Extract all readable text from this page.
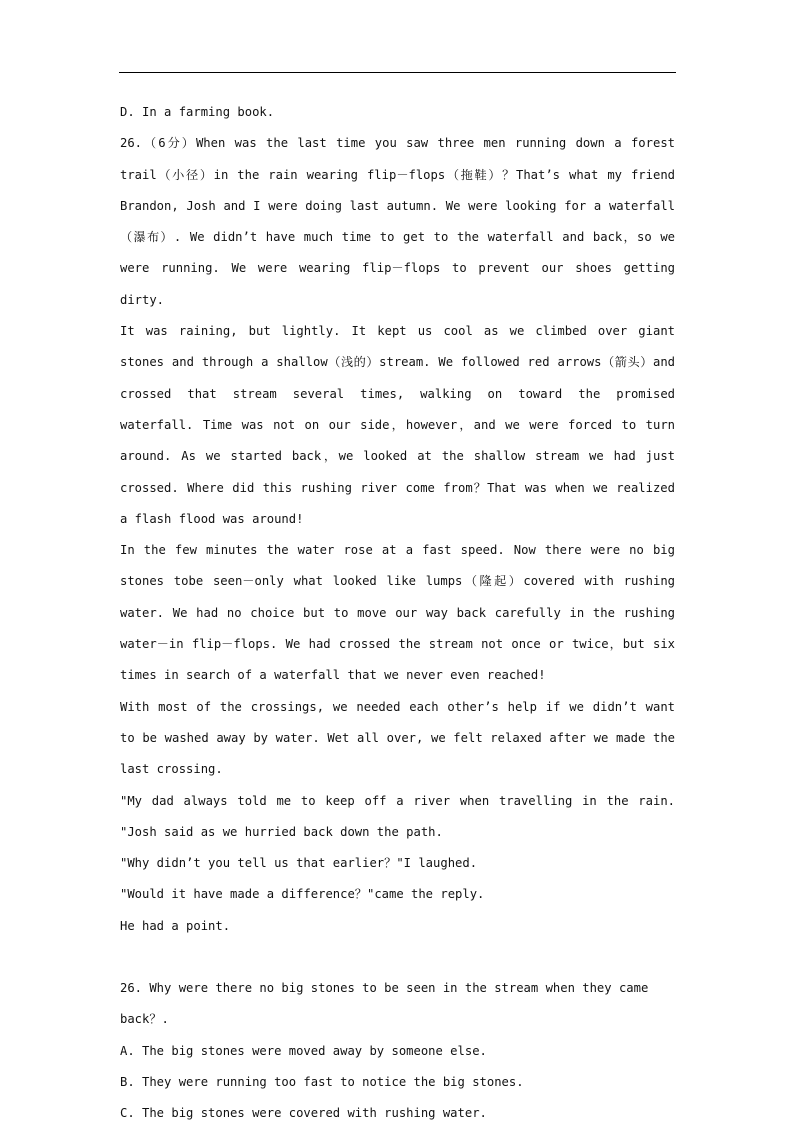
D. In a farming book.

26.（6分）When was the last time you saw three men running down a forest trail（小径）in the rain wearing flip－flops（拖鞋）？That’s what my friend Brandon, Josh and I were doing last autumn. We were looking for a waterfall（瀑布）. We didn’t have much time to get to the waterfall and back，so we were running. We were wearing flip－flops to prevent our shoes getting dirty.

It was raining, but lightly. It kept us cool as we climbed over giant stones and through a shallow（浅的）stream. We followed red arrows（箭头）and crossed that stream several times, walking on toward the promised waterfall. Time was not on our side，however，and we were forced to turn around. As we started back，we looked at the shallow stream we had just crossed. Where did this rushing river come from？That was when we realized a flash flood was around!

In the few minutes the water rose at a fast speed. Now there were no big stones tobe seen－only what looked like lumps（隆起）covered with rushing water. We had no choice but to move our way back carefully in the rushing water－in flip－flops. We had crossed the stream not once or twice，but six times in search of a waterfall that we never even reached!

With most of the crossings, we needed each other’s help if we didn’t want to be washed away by water. Wet all over, we felt relaxed after we made the last crossing.

"My dad always told me to keep off a river when travelling in the rain. "Josh said as we hurried back down the path.

"Why didn’t you tell us that earlier？"I laughed.

"Would it have made a difference？"came the reply.

He had a point.

26. Why were there no big stones to be seen in the stream when they came back？.

A. The big stones were moved away by someone else.

B. They were running too fast to notice the big stones.

C. The big stones were covered with rushing water.
